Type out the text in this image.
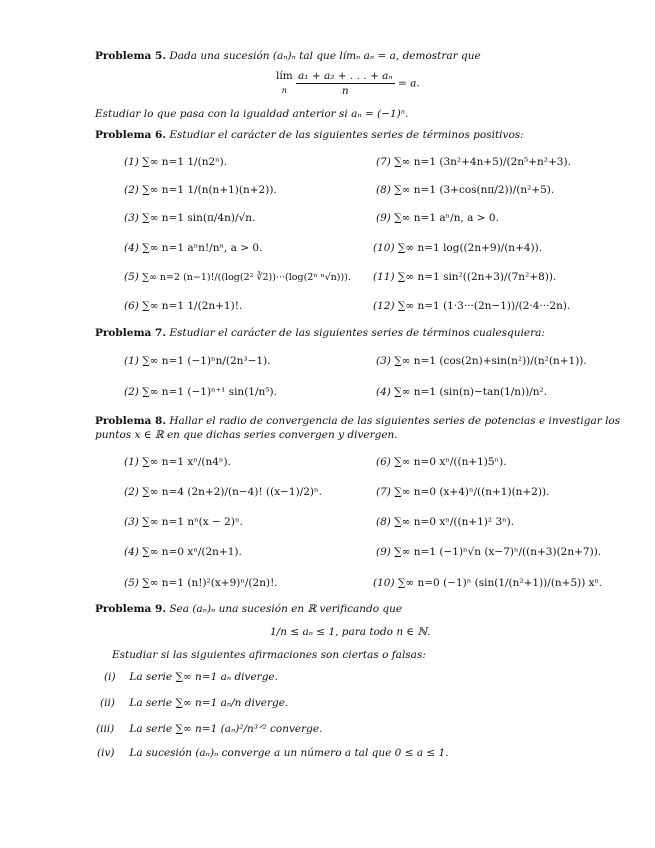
Problema 5. Dada una sucesión (aₙ)ₙ tal que límₙ aₙ = a, demostrar que
lím
n $\frac{\text{a₁ + a₂ + . . . + aₙ}}{n} = a$.
Estudiar lo que pasa con la igualdad anterior si aₙ = (−1)ⁿ.
Problema 6. Estudiar el carácter de las siguientes series de términos positivos:
(1) ∑∞ n=1 1/(n2ⁿ).
(2) ∑∞ n=1 1/(n(n+1)(n+2)).
(3) ∑∞ n=1 sin(π/4n)/√n.
(4) ∑∞ n=1 aⁿn!/nⁿ, a > 0.
(5) ∑∞ n=2 (n−1)!/((log(2² ∛2))···(log(2ⁿ ⁿ√n))).
(6) ∑∞ n=1 1/(2n+1)!.
(7) ∑∞ n=1 (3n²+4n+5)/(2n⁵+n²+3).
(8) ∑∞ n=1 (3+cos(nπ/2))/(n²+5).
(9) ∑∞ n=1 aⁿ/n, a > 0.
(10) ∑∞ n=1 log((2n+9)/(n+4)).
(11) ∑∞ n=1 sin²((2n+3)/(7n²+8)).
(12) ∑∞ n=1 (1·3···(2n−1))/(2·4···2n).
Problema 7. Estudiar el carácter de las siguientes series de términos cualesquiera:
(1) ∑∞ n=1 (−1)ⁿn/(2n³−1).
(2) ∑∞ n=1 (−1)ⁿ⁺¹ sin(1/n⁵).
(3) ∑∞ n=1 (cos(2n)+sin(n²))/(n²(n+1)).
(4) ∑∞ n=1 (sin(n)−tan(1/n))/n².
Problema 8. Hallar el radio de convergencia de las siguientes series de potencias e investigar los
puntos x ∈ ℝ en que dichas series convergen y divergen.
(1) ∑∞ n=1 xⁿ/(n4ⁿ).
(2) ∑∞ n=4 (2n+2)/(n−4)! ((x−1)/2)ⁿ.
(3) ∑∞ n=1 nⁿ(x − 2)ⁿ.
(4) ∑∞ n=0 xⁿ/(2n+1).
(5) ∑∞ n=1 (n!)²(x+9)ⁿ/(2n)!.
(6) ∑∞ n=0 xⁿ/((n+1)5ⁿ).
(7) ∑∞ n=0 (x+4)ⁿ/((n+1)(n+2)).
(8) ∑∞ n=0 xⁿ/((n+1)² 3ⁿ).
(9) ∑∞ n=1 (−1)ⁿ√n (x−7)ⁿ/((n+3)(2n+7)).
(10) ∑∞ n=0 (−1)ⁿ (sin(1/(n²+1))/(n+5)) xⁿ.
Problema 9. Sea (aₙ)ₙ una sucesión en ℝ verificando que
1/n ≤ aₙ ≤ 1, para todo n ∈ ℕ.
Estudiar si las siguientes afirmaciones son ciertas o falsas:
(i) La serie ∑∞ n=1 aₙ diverge.
(ii) La serie ∑∞ n=1 aₙ/n diverge.
(iii) La serie ∑∞ n=1 (aₙ)²/n³ᐟ² converge.
(iv) La sucesión (aₙ)ₙ converge a un número a tal que 0 ≤ a ≤ 1.
